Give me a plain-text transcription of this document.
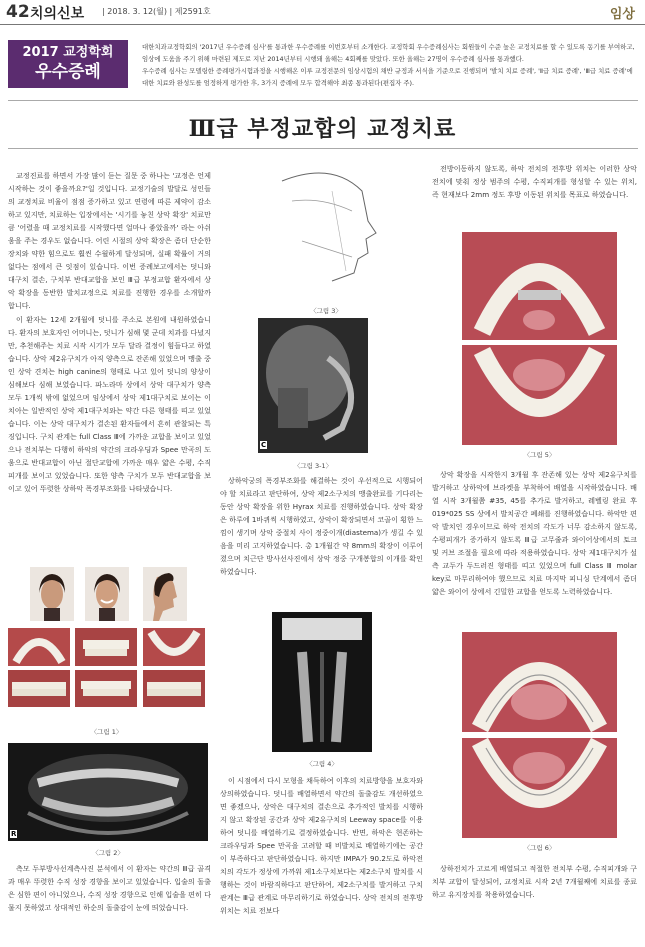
42 치의신보 | 2018. 3. 12(월) | 제2591호	임상
2017 교정학회
우수증례

대한치과교정학회의 '2017년 우수증례 심사'를 통과한 우수증례를 이번호부터 소개한다. 교정학회 우수증례심사는 회원들이 수준 높은 교정치료를 할 수 있도록 동기를 부여하고, 임상에 도움을 주기 위해 마련된 제도로 지난 2014년부터 시행돼 올해는 4회째를 맞았다. 또한 올해는 27명이 우수증례 심사를 통과했다.

우수증례 심사는 모델링한 증례평가시험과정을 시행해온 이루 교정전문의 임상시험의 채반 규정과 서식을 기준으로 진행되며 '발치 치료 증례', 'Ⅱ급 치료 증례', 'Ⅲ급 치료 증례'에 대한 치료와 완성도를 엄정하게 평가한 후, 3가지 증례에 모두 합격해야 최종 통과된다(편집자 주).

Ⅲ급 부정교합의 교정치료

교정진료를 하면서 가장 많이 듣는 질문 중 하나는 '교정은 언제 시작하는 것이 좋을까요?'일 것입니다. 교정기술의 발달로 성인들의 교정치료 비율이 점점 증가하고 있고 연령에 따른 제약이 감소하고 있지만, 치료하는 입장에서는 '시기를 놓친 상악 확장' 치료만큼 '어렸을 때 교정치료를 시작했다면 얼마나 좋았을까' 라는 아쉬움을 주는 경우도 없습니다. 어린 시절의 상악 확장은 좀더 단순한 장치와 약한 힘으로도 훨씬 수월하게 달성되며, 실패 확률이 거의 없다는 점에서 큰 잇점이 있습니다. 이번 증례보고에서는 덧니와 대구치 결손, 구치부 반대교합을 보인 Ⅲ급 부정교합 환자에서 상악 확장을 동반한 발치교정으로 치료를 진행한 경우를 소개할까 합니다.

이 환자는 12세 2개월에 덧니를 주소로 본원에 내원하였습니다. 환자의 보호자인 어머니는, 덧니가 심해 몇 군데 치과를 다녔지만, 추천해주는 치료 시작 시기가 모두 달라 결정이 힘들다고 하였습니다. 상악 제2유구치가 아직 양측으로 잔존해 있었으며 맹출 중인 상악 견치는 high canine의 형태로 나고 있어 덧니의 양상이 심해보다 심해 보였습니다. 파노라마 상에서 상악 대구치가 양측 모두 1개씩 밖에 없었으며 임상에서 상악 제1대구치로 보이는 이 치아는 일반적인 상악 제1대구치와는 약간 다른 형태를 띠고 있었습니다. 이는 상악 대구치가 결손된 환자들에서 흔히 관찰되는 특징입니다. 구치 관계는 full Class Ⅲ에 가까운 교합을 보이고 있었으나 전치부는 다행히 하악의 약간의 크라우딩과 Spee 만곡의 도움으로 반대교합이 아닌 절단교합에 가까운 매우 얇은 수평, 수직피개를 보이고 있었습니다. 또한 양측 구치가 모두 반대교합을 보이고 있어 뚜렷한 상하악 폭경부조화를 나타냈습니다.

〈그림 1〉
R
〈그림 2〉

측모 두부방사선계측사진 분석에서 이 환자는 약간의 Ⅲ급 골격과 매우 뚜렷한 수직 성장 경향을 보이고 있었습니다. 입술의 돌출은 심한 편이 아니었으나, 수직 성장 경향으로 인해 입술을 편히 다물지 못하였고 상대적인 하순의 돌출감이 눈에 띄었습니다.

〈그림 3〉
C
〈그림 3-1〉

상하악궁의 폭경부조화를 해결하는 것이 우선적으로 시행되어야 할 치료라고 판단하여, 상악 제2소구치의 맹출완료를 기다리는 동안 상악 확장을 위한 Hyrax 치료를 진행하였습니다. 상악 확장은 하루에 1바퀴씩 시행하였고, 상악이 확장되면서 코골이 횡한 느낌이 생기며 상악 중절치 사이 정중이개(diastema)가 생길 수 있음을 미리 고지하였습니다. 총 1개월간 약 8mm의 확장이 이루어졌으며 치근단 방사선사진에서 상악 정중 구개봉합의 이개를 확인하였습니다.

〈그림 4〉

이 시점에서 다시 모형을 채득하여 이후의 치료방향을 보호자와 상의하였습니다. 덧니를 배열하면서 약간의 돌출감도 개선하였으면 좋겠으나, 상악은 대구치의 결손으로 추가적인 발치를 시행하지 않고 확장된 공간과 상악 제2유구치의 Leeway space를 이용하여 덧니를 배열하기로 결정하였습니다. 반면, 하악은 현존하는 크라우딩과 Spee 만곡을 고려할 때 비발치로 배열하기에는 공간이 부족하다고 판단하였습니다. 하지만 IMPA가 90.2도로 하악전치의 각도가 정상에 가까워 제1소구치보다는 제2소구치 발치를 시행하는 것이 바람직하다고 판단하여, 제2소구치를 발거하고 구치관계는 Ⅲ급 관계로 마무리하기로 하였습니다. 상악 전치의 전후방 위치는 치료 전보다

전방이동하지 않도록, 하악 전치의 전후방 위치는 이러한 상악 전치에 맞춰 정상 범주의 수평, 수직피개를 형성할 수 있는 위치, 즉 현재보다 2mm 정도 후방 이동된 위치를 목표로 하였습니다.

〈그림 5〉

상악 확장을 시작한지 3개월 후 잔존해 있는 상악 제2유구치를 발거하고 상하악에 브라켓을 부착하여 배열을 시작하였습니다. 배열 시작 3개월쯤 #35, 45를 추가로 발거하고, 레벨링 완료 후 019*025 SS 상에서 발치공간 폐쇄를 진행하였습니다. 하악만 편악 발치인 경우이므로 하악 전치의 각도가 너무 감소하지 않도록, 수평피개가 증가하지 않도록 Ⅲ급 고무줄과 와이어상에서의 토크 및 커브 조절을 필요에 따라 적용하였습니다. 상악 제1대구치가 설측 교두가 두드러진 형태를 띠고 있었으며 full Class Ⅲ molar key로 마무리하여야 했으므로 치료 마지막 피니싱 단계에서 좀더 얇은 와이어 상에서 긴밀한 교합을 얻도록 노력하였습니다.

〈그림 6〉

상하전치가 고르게 배열되고 적절한 전치부 수평, 수직피개와 구치부 교합이 달성되어, 교정치료 시작 2년 7개월째에 치료를 종료하고 유지장치를 착용하였습니다.
